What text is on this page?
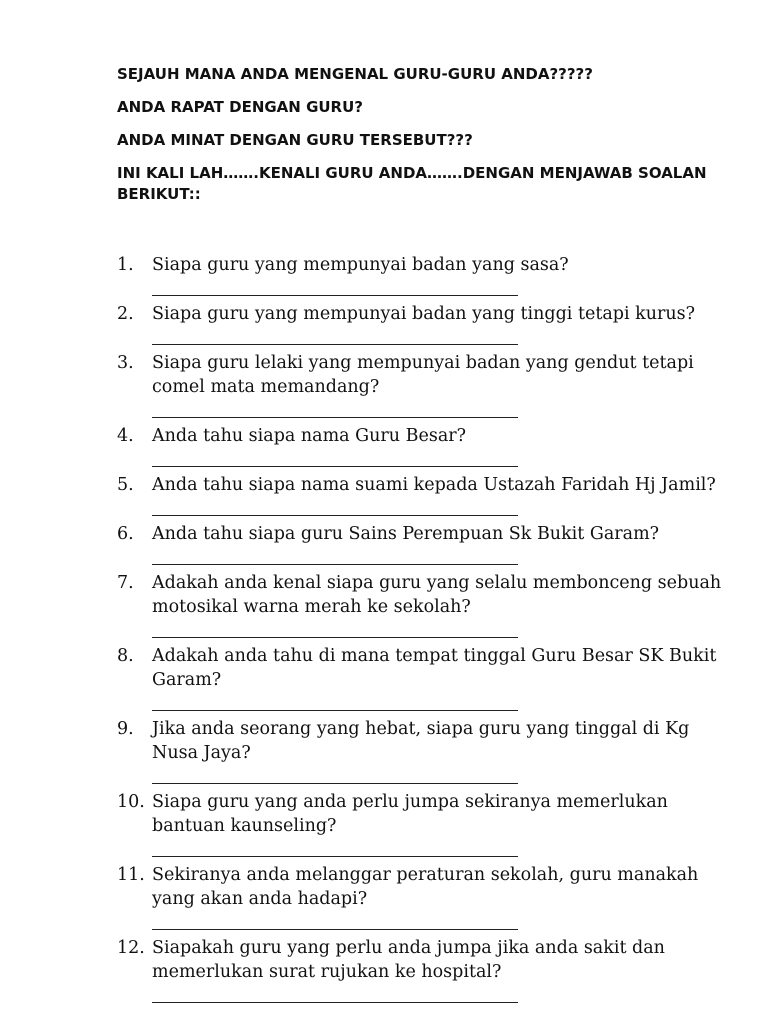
SEJAUH MANA ANDA MENGENAL GURU-GURU ANDA?????

ANDA RAPAT DENGAN GURU?

ANDA MINAT DENGAN GURU TERSEBUT???

INI KALI LAH…….KENALI GURU ANDA…….DENGAN MENJAWAB SOALAN BERIKUT::

1. Siapa guru yang mempunyai badan yang sasa?
2. Siapa guru yang mempunyai badan yang tinggi tetapi kurus?
3. Siapa guru lelaki yang mempunyai badan yang gendut tetapi comel mata memandang?
4. Anda tahu siapa nama Guru Besar?
5. Anda tahu siapa nama suami kepada Ustazah Faridah Hj Jamil?
6. Anda tahu siapa guru Sains Perempuan Sk Bukit Garam?
7. Adakah anda kenal siapa guru yang selalu membonceng sebuah motosikal warna merah ke sekolah?
8. Adakah anda tahu di mana tempat tinggal Guru Besar SK Bukit Garam?
9. Jika anda seorang yang hebat, siapa guru yang tinggal di Kg Nusa Jaya?
10. Siapa guru yang anda perlu jumpa sekiranya memerlukan bantuan kaunseling?
11. Sekiranya anda melanggar peraturan sekolah, guru manakah yang akan anda hadapi?
12. Siapakah guru yang perlu anda jumpa jika anda sakit dan memerlukan surat rujukan ke hospital?
